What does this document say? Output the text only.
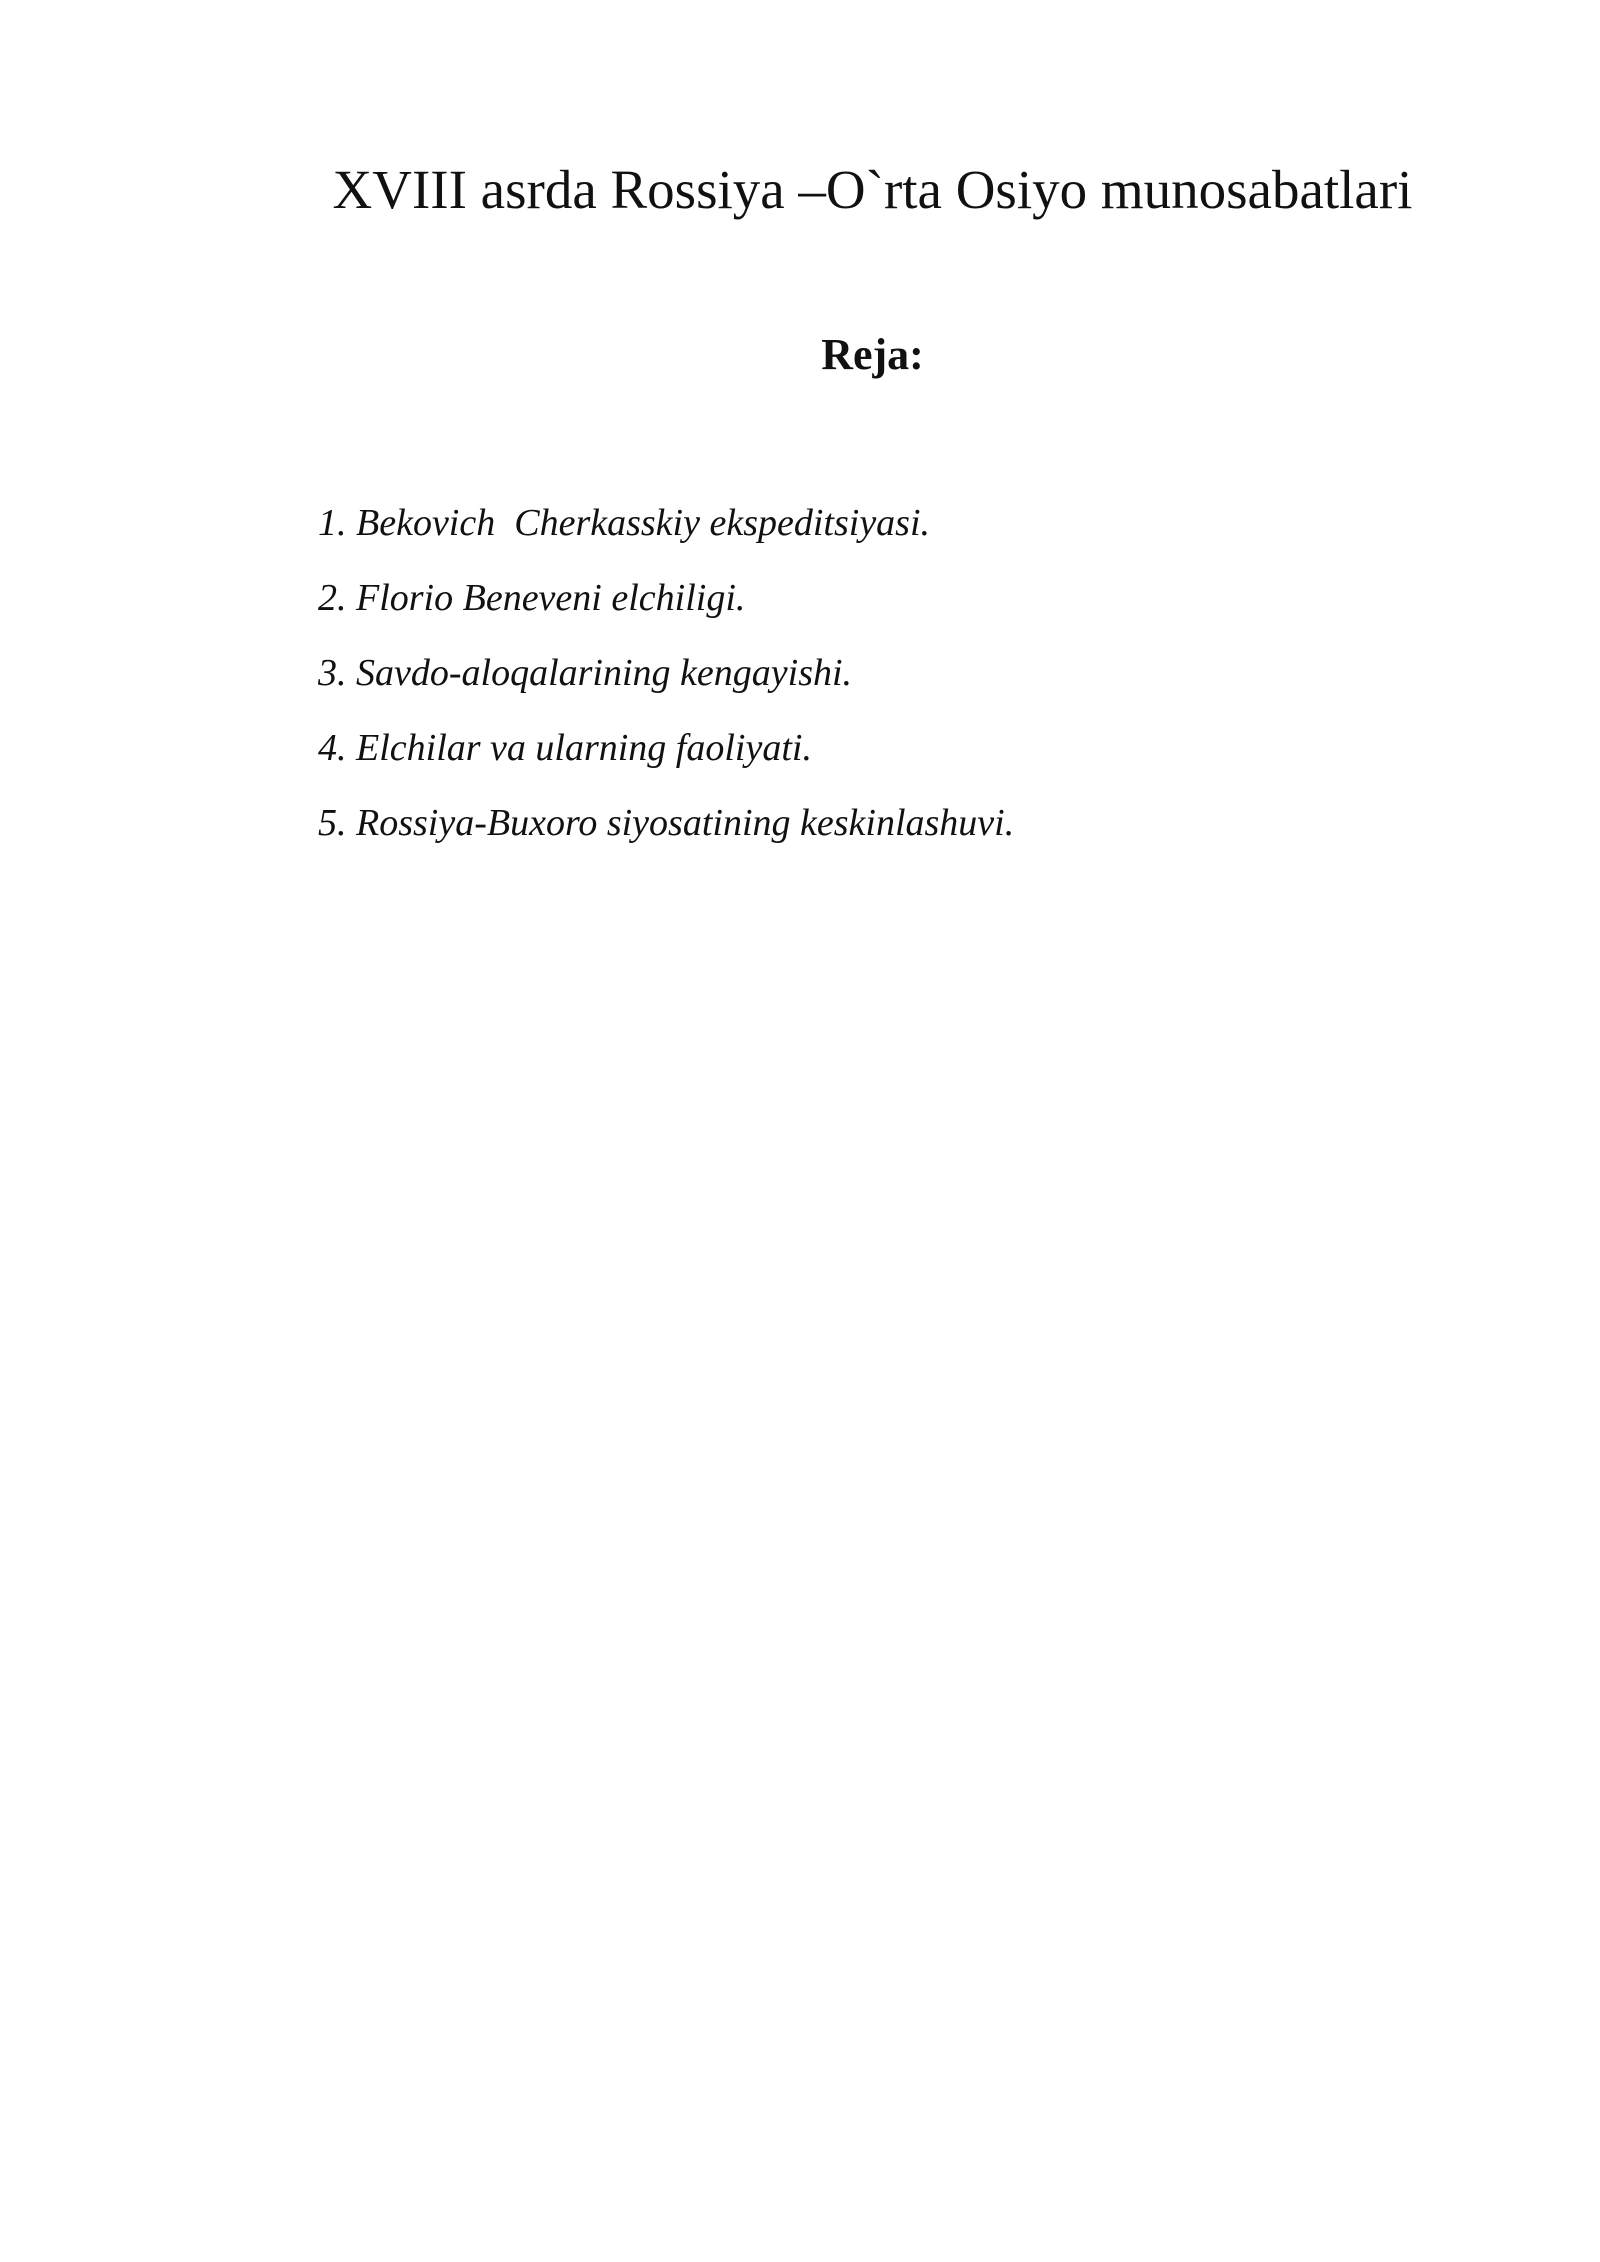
XVIII asrda Rossiya –O`rta Osiyo munosabatlari
Reja:
1. Bekovich  Cherkasskiy ekspeditsiyasi.
2. Florio Beneveni elchiligi.
3. Savdo-aloqalarining kengayishi.
4. Elchilar va ularning faoliyati.
5. Rossiya-Buxoro siyosatining keskinlashuvi.
